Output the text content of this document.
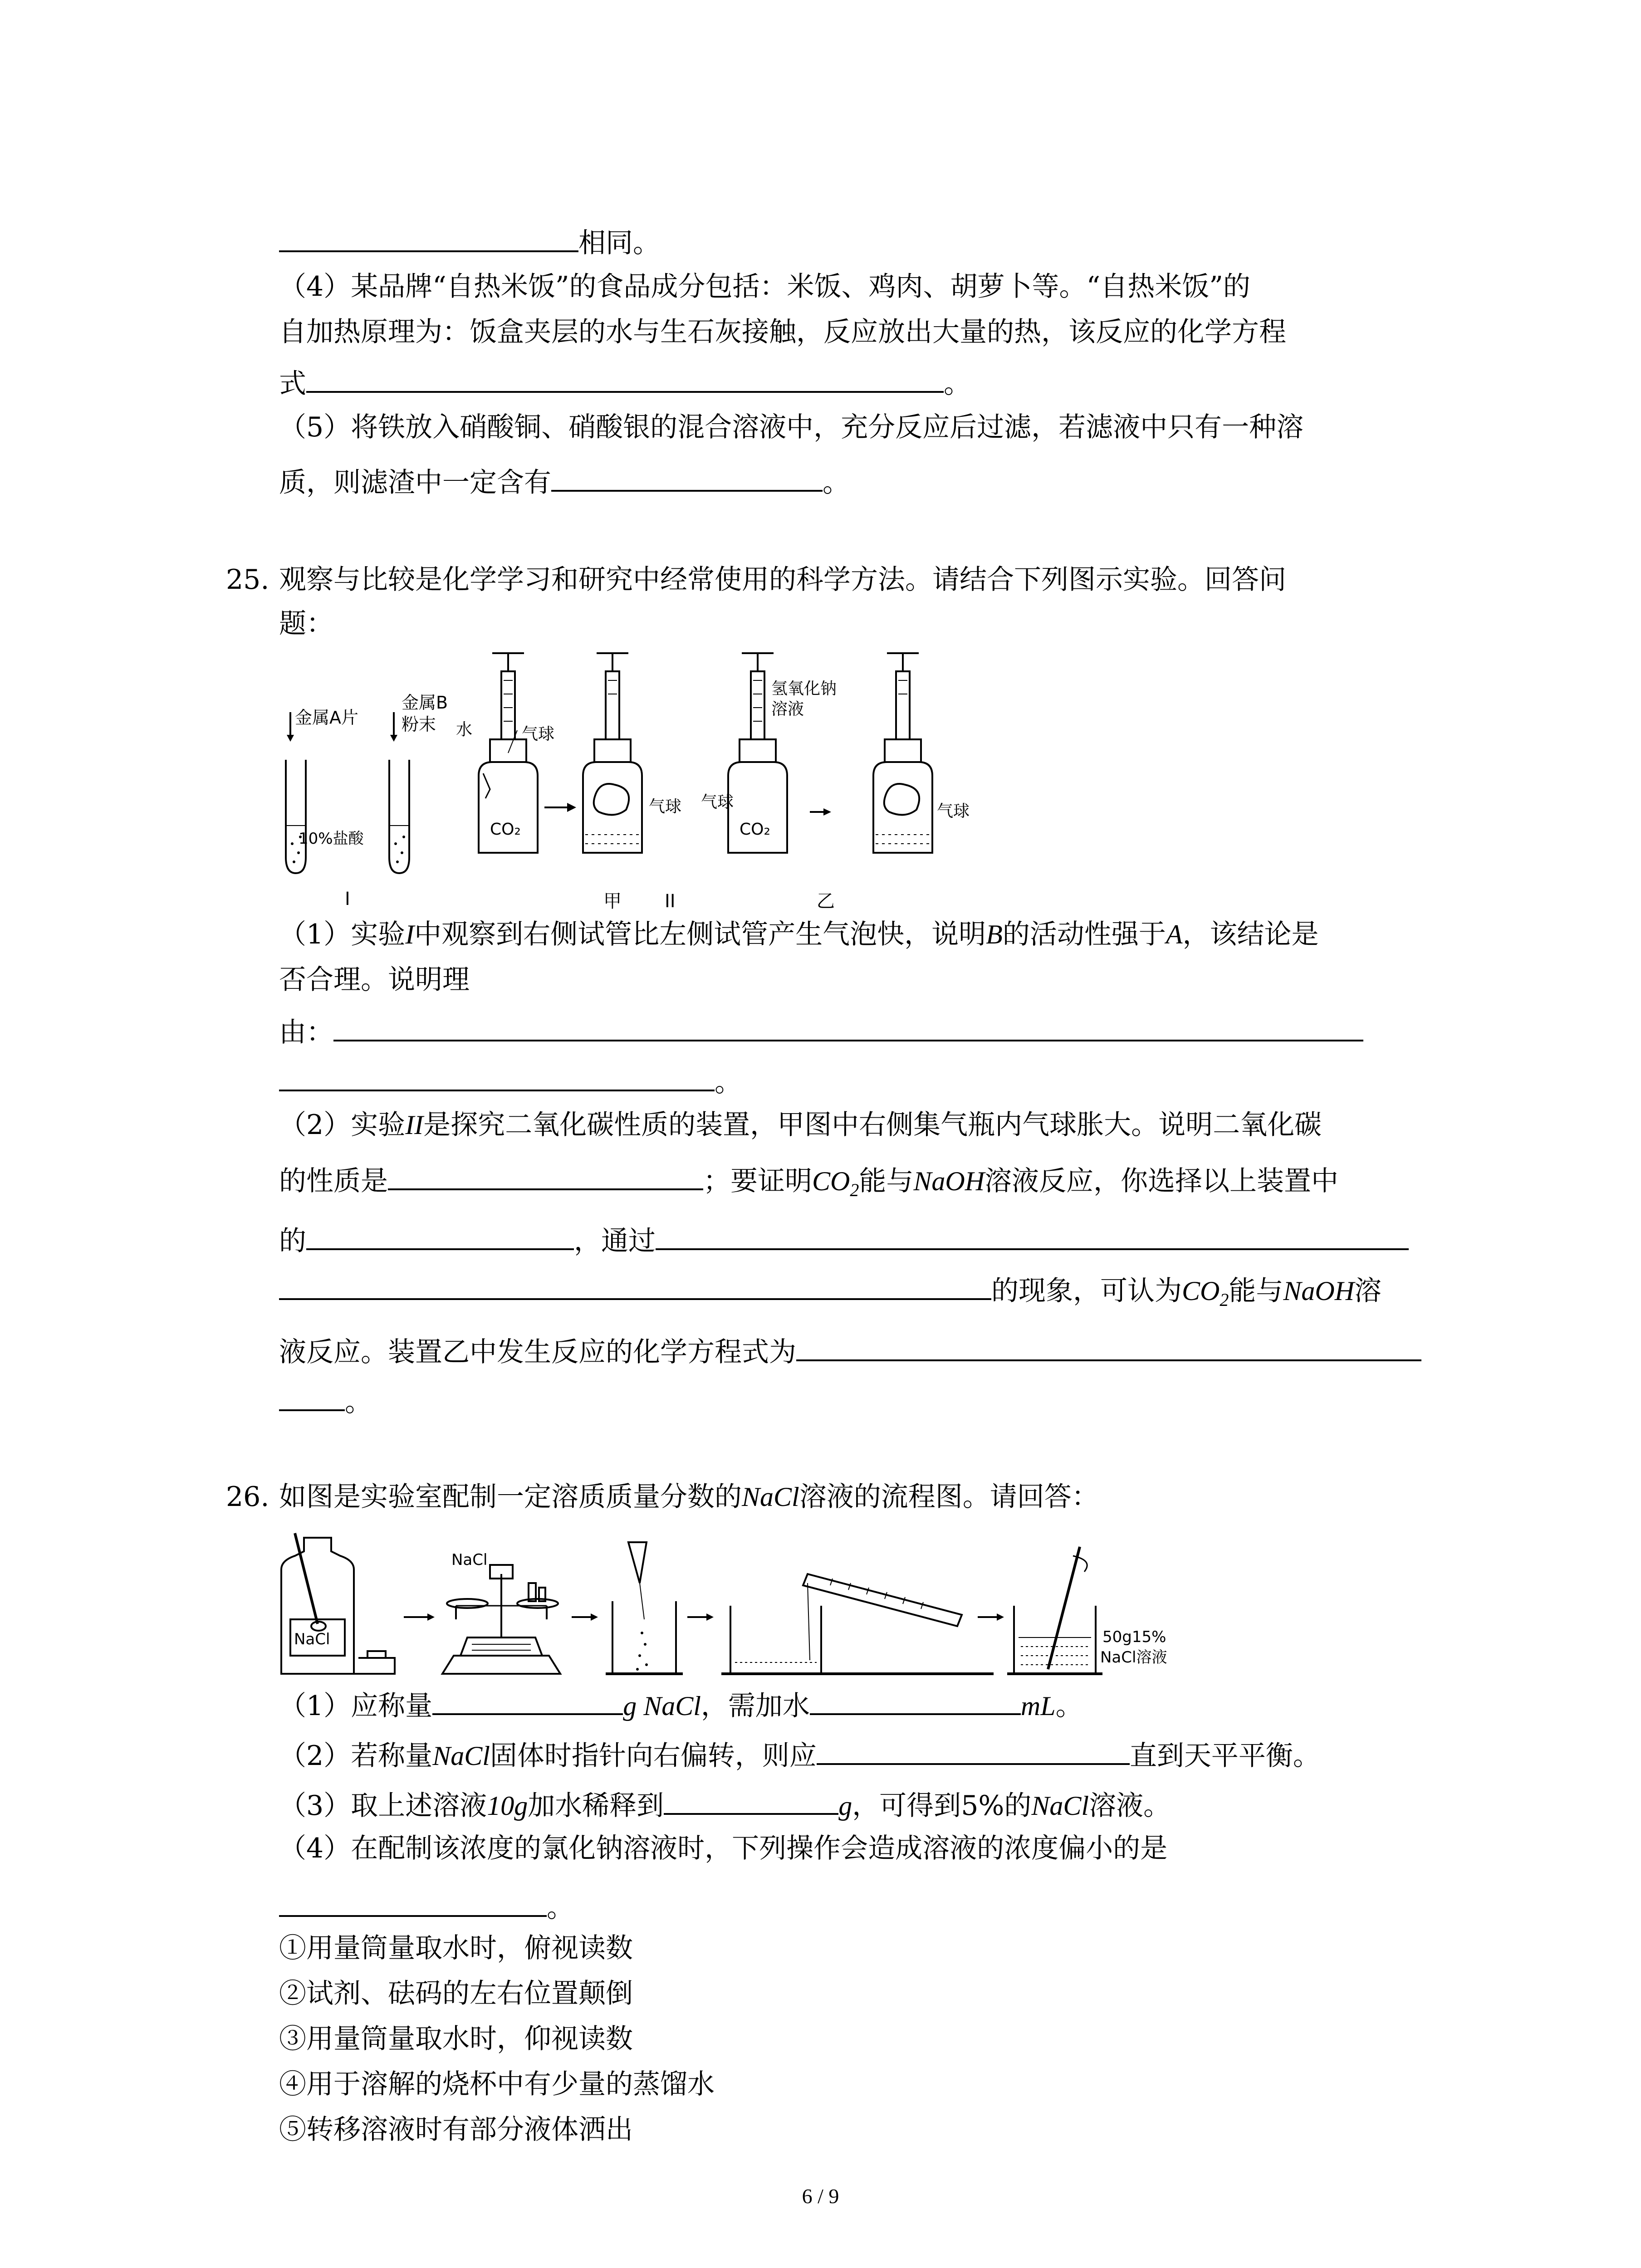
相同。
（4）某品牌“自热米饭”的食品成分包括：米饭、鸡肉、胡萝卜等。“自热米饭”的
自加热原理为：饭盒夹层的水与生石灰接触，反应放出大量的热，该反应的化学方程
式	。
（5）将铁放入硝酸铜、硝酸银的混合溶液中，充分反应后过滤，若滤液中只有一种溶
质，则滤渣中一定含有	。
25. 观察与比较是化学学习和研究中经常使用的科学方法。请结合下列图示实验。回答问
题：
金属A片
10%盐酸
金属B
粉末
I
CO₂
水	气球
气球
甲
氢氧化钠
溶液
气球
CO₂
II
气球
乙
（1）实验I中观察到右侧试管比左侧试管产生气泡快，说明B的活动性强于A，该结论是
否合理。说明理
由：
。
（2）实验II是探究二氧化碳性质的装置，甲图中右侧集气瓶内气球胀大。说明二氧化碳
的性质是	；要证明$CO_2$能与NaOH溶液反应，你选择以上装置中
的	，通过
的现象，可认为$CO_2$能与NaOH溶
液反应。装置乙中发生反应的化学方程式为
。
26. 如图是实验室配制一定溶质质量分数的NaCl溶液的流程图。请回答：
NaCl
NaCl
50g15%
NaCl溶液
（1）应称量	g NaCl，需加水	mL。
（2）若称量NaCl固体时指针向右偏转，则应	直到天平平衡。
（3）取上述溶液10g加水稀释到	g，可得到5%的NaCl溶液。
（4）在配制该浓度的氯化钠溶液时，下列操作会造成溶液的浓度偏小的是
。
①用量筒量取水时，俯视读数
②试剂、砝码的左右位置颠倒
③用量筒量取水时，仰视读数
④用于溶解的烧杯中有少量的蒸馏水
⑤转移溶液时有部分液体洒出
6 / 9
